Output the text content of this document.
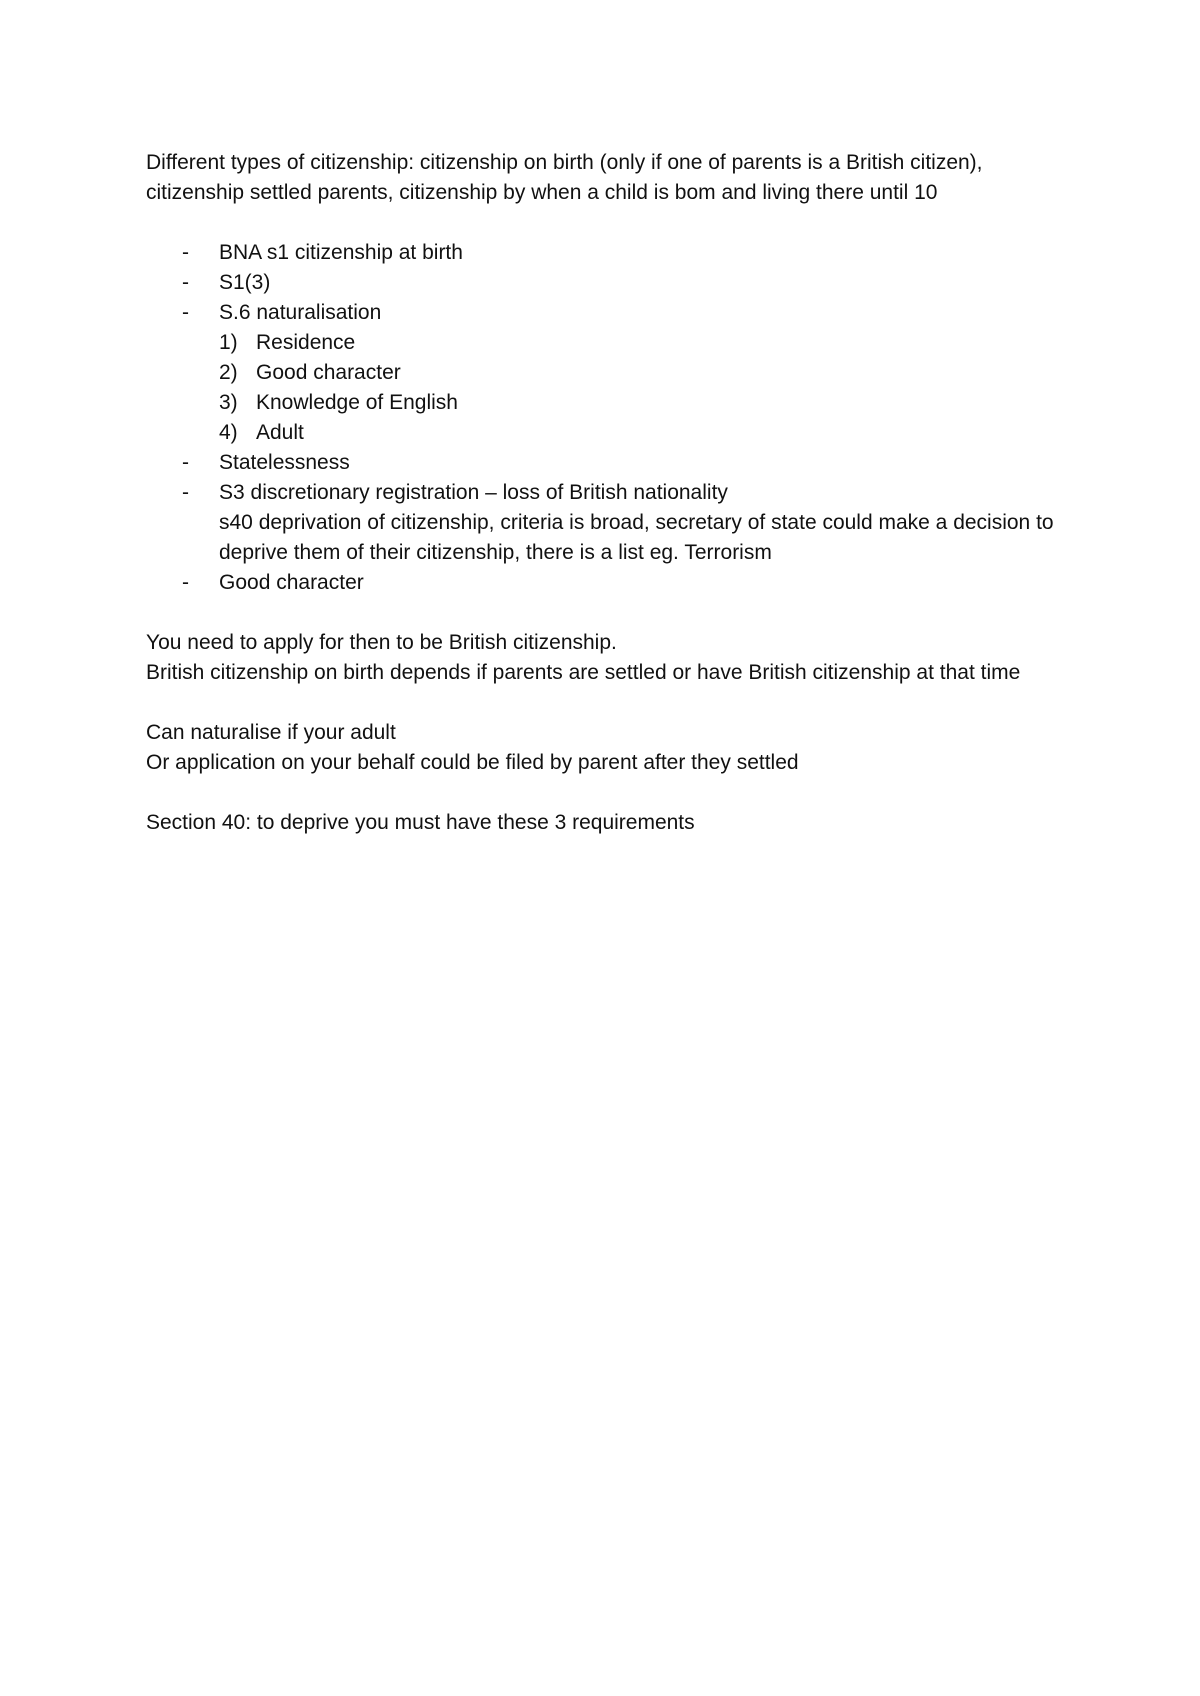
Different types of citizenship: citizenship on birth (only if one of parents is a British citizen), citizenship settled parents, citizenship by when a child is bom and living there until 10

- BNA s1 citizenship at birth
- S1(3)
- S.6 naturalisation
1) Residence
2) Good character
3) Knowledge of English
4) Adult
- Statelessness
- S3 discretionary registration – loss of British nationality
s40 deprivation of citizenship, criteria is broad, secretary of state could make a decision to deprive them of their citizenship, there is a list eg. Terrorism
- Good character

You need to apply for then to be British citizenship.

British citizenship on birth depends if parents are settled or have British citizenship at that time

Can naturalise if your adult

Or application on your behalf could be filed by parent after they settled

Section 40: to deprive you must have these 3 requirements
